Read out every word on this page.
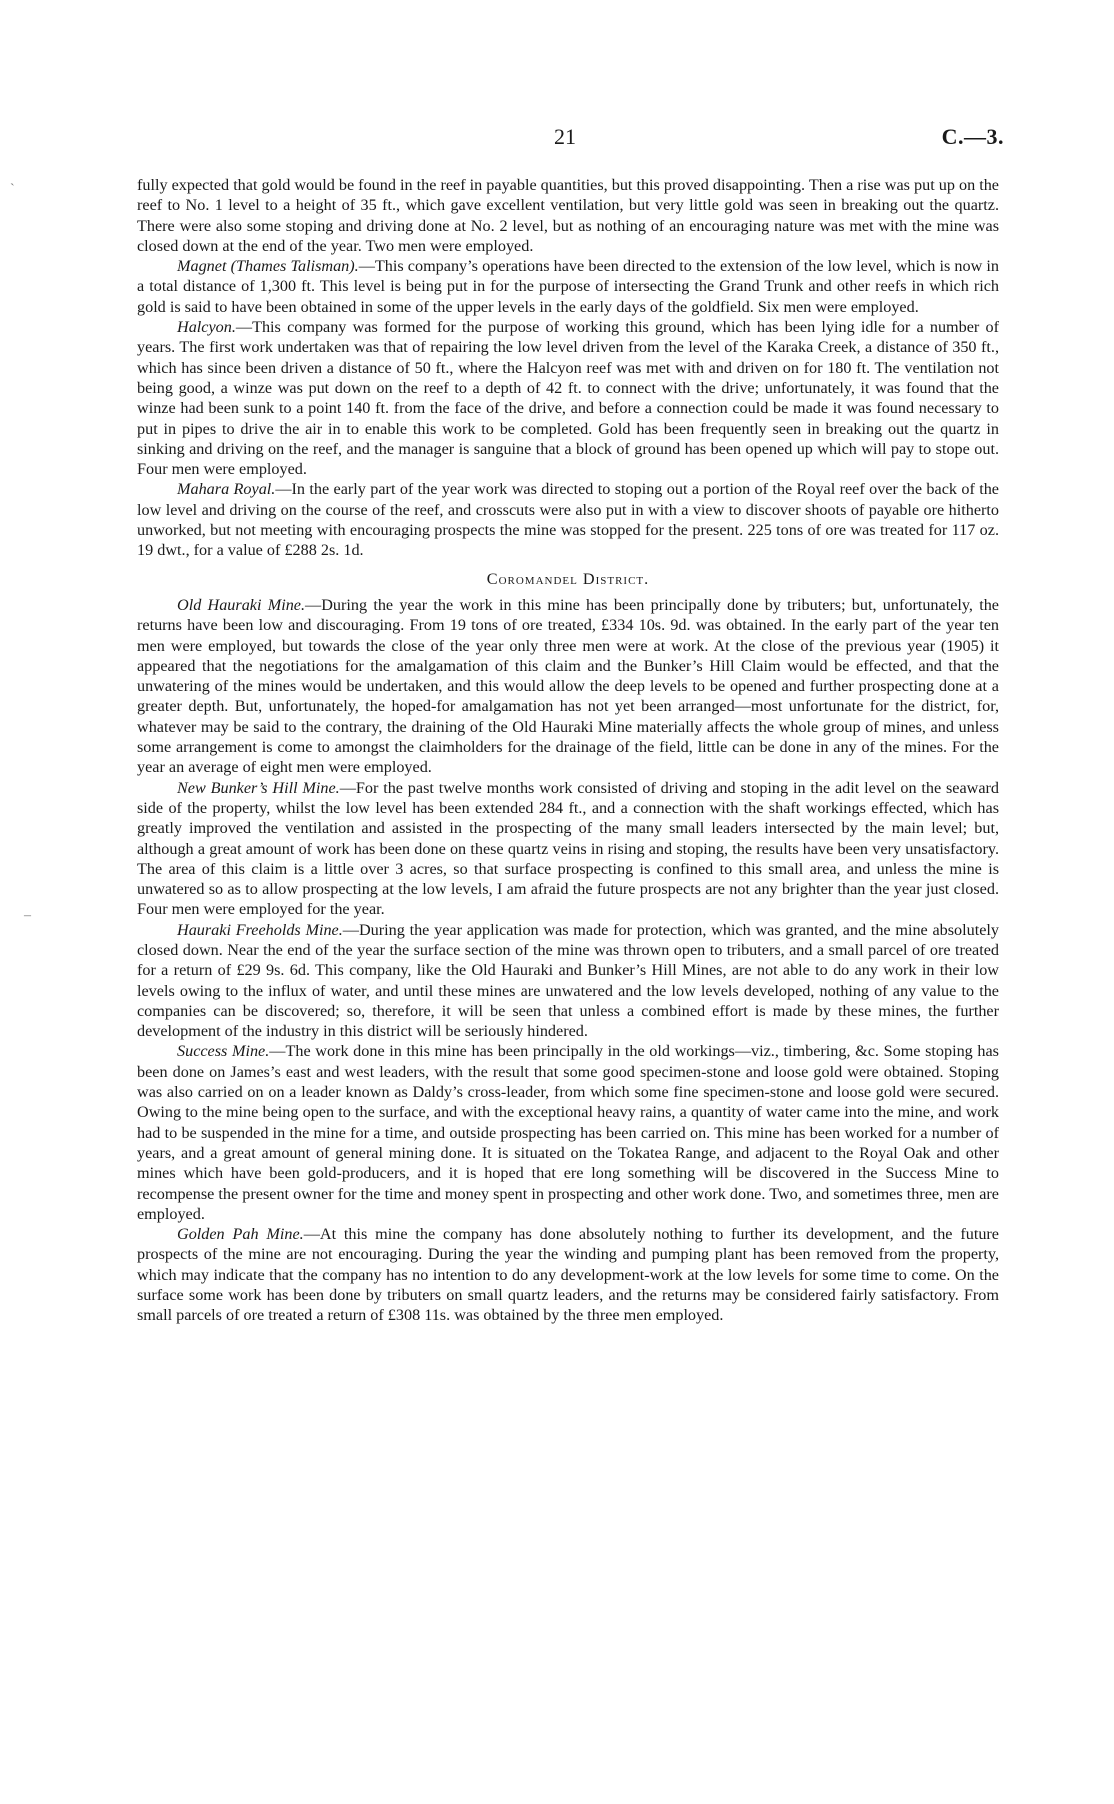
21	C.—3.
ˋ
–

fully expected that gold would be found in the reef in payable quantities, but this proved disappointing. Then a rise was put up on the reef to No. 1 level to a height of 35 ft., which gave excellent ventilation, but very little gold was seen in breaking out the quartz. There were also some stoping and driving done at No. 2 level, but as nothing of an encouraging nature was met with the mine was closed down at the end of the year. Two men were employed.

Magnet (Thames Talisman).—This company’s operations have been directed to the extension of the low level, which is now in a total distance of 1,300 ft. This level is being put in for the purpose of intersecting the Grand Trunk and other reefs in which rich gold is said to have been obtained in some of the upper levels in the early days of the goldfield. Six men were employed.

Halcyon.—This company was formed for the purpose of working this ground, which has been lying idle for a number of years. The first work undertaken was that of repairing the low level driven from the level of the Karaka Creek, a distance of 350 ft., which has since been driven a distance of 50 ft., where the Halcyon reef was met with and driven on for 180 ft. The ventilation not being good, a winze was put down on the reef to a depth of 42 ft. to connect with the drive; unfortunately, it was found that the winze had been sunk to a point 140 ft. from the face of the drive, and before a connection could be made it was found necessary to put in pipes to drive the air in to enable this work to be completed. Gold has been frequently seen in breaking out the quartz in sinking and driving on the reef, and the manager is sanguine that a block of ground has been opened up which will pay to stope out. Four men were employed.

Mahara Royal.—In the early part of the year work was directed to stoping out a portion of the Royal reef over the back of the low level and driving on the course of the reef, and crosscuts were also put in with a view to discover shoots of payable ore hitherto unworked, but not meeting with encouraging prospects the mine was stopped for the present. 225 tons of ore was treated for 117 oz. 19 dwt., for a value of £288 2s. 1d.

Coromandel District.

Old Hauraki Mine.—During the year the work in this mine has been principally done by tributers; but, unfortunately, the returns have been low and discouraging. From 19 tons of ore treated, £334 10s. 9d. was obtained. In the early part of the year ten men were employed, but towards the close of the year only three men were at work. At the close of the previous year (1905) it appeared that the negotiations for the amalgamation of this claim and the Bunker’s Hill Claim would be effected, and that the unwatering of the mines would be undertaken, and this would allow the deep levels to be opened and further prospecting done at a greater depth. But, unfortunately, the hoped-for amalgamation has not yet been arranged—most unfortunate for the district, for, whatever may be said to the contrary, the draining of the Old Hauraki Mine materially affects the whole group of mines, and unless some arrangement is come to amongst the claimholders for the drainage of the field, little can be done in any of the mines. For the year an average of eight men were employed.

New Bunker’s Hill Mine.—For the past twelve months work consisted of driving and stoping in the adit level on the seaward side of the property, whilst the low level has been extended 284 ft., and a connection with the shaft workings effected, which has greatly improved the ventilation and assisted in the prospecting of the many small leaders intersected by the main level; but, although a great amount of work has been done on these quartz veins in rising and stoping, the results have been very unsatisfactory. The area of this claim is a little over 3 acres, so that surface prospecting is confined to this small area, and unless the mine is unwatered so as to allow prospecting at the low levels, I am afraid the future prospects are not any brighter than the year just closed. Four men were employed for the year.

Hauraki Freeholds Mine.—During the year application was made for protection, which was granted, and the mine absolutely closed down. Near the end of the year the surface section of the mine was thrown open to tributers, and a small parcel of ore treated for a return of £29 9s. 6d. This company, like the Old Hauraki and Bunker’s Hill Mines, are not able to do any work in their low levels owing to the influx of water, and until these mines are unwatered and the low levels developed, nothing of any value to the companies can be discovered; so, therefore, it will be seen that unless a combined effort is made by these mines, the further development of the industry in this district will be seriously hindered.

Success Mine.—The work done in this mine has been principally in the old workings—viz., timbering, &c. Some stoping has been done on James’s east and west leaders, with the result that some good specimen-stone and loose gold were obtained. Stoping was also carried on on a leader known as Daldy’s cross-leader, from which some fine specimen-stone and loose gold were secured. Owing to the mine being open to the surface, and with the exceptional heavy rains, a quantity of water came into the mine, and work had to be suspended in the mine for a time, and outside prospecting has been carried on. This mine has been worked for a number of years, and a great amount of general mining done. It is situated on the Tokatea Range, and adjacent to the Royal Oak and other mines which have been gold-producers, and it is hoped that ere long something will be discovered in the Success Mine to recompense the present owner for the time and money spent in prospecting and other work done. Two, and sometimes three, men are employed.

Golden Pah Mine.—At this mine the company has done absolutely nothing to further its development, and the future prospects of the mine are not encouraging. During the year the winding and pumping plant has been removed from the property, which may indicate that the company has no intention to do any development-work at the low levels for some time to come. On the surface some work has been done by tributers on small quartz leaders, and the returns may be considered fairly satisfactory. From small parcels of ore treated a return of £308 11s. was obtained by the three men employed.
